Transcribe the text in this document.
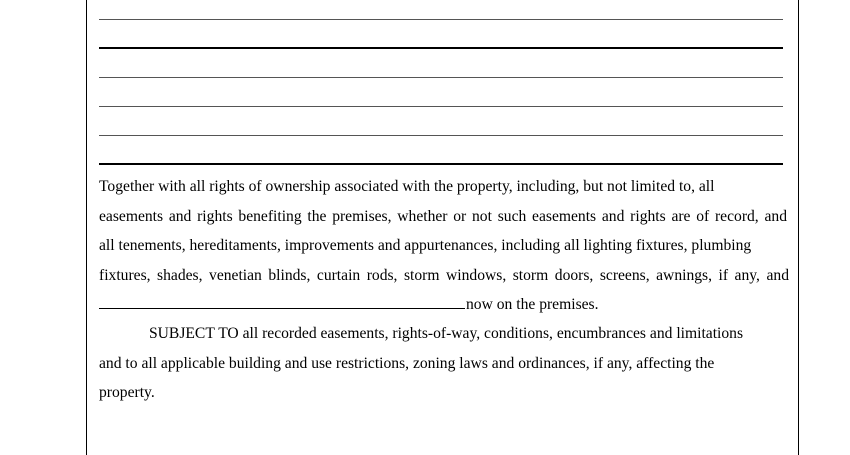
Together with all rights of ownership associated with the property, including, but not limited to, all
easements and rights benefiting the premises, whether or not such easements and rights are of record, and
all tenements, hereditaments, improvements and appurtenances, including all lighting fixtures, plumbing
fixtures, shades, venetian blinds, curtain rods, storm windows, storm doors, screens, awnings, if any, and
now on the premises.
SUBJECT TO all recorded easements, rights-of-way, conditions, encumbrances and limitations
and to all applicable building and use restrictions, zoning laws and ordinances, if any, affecting the
property.
